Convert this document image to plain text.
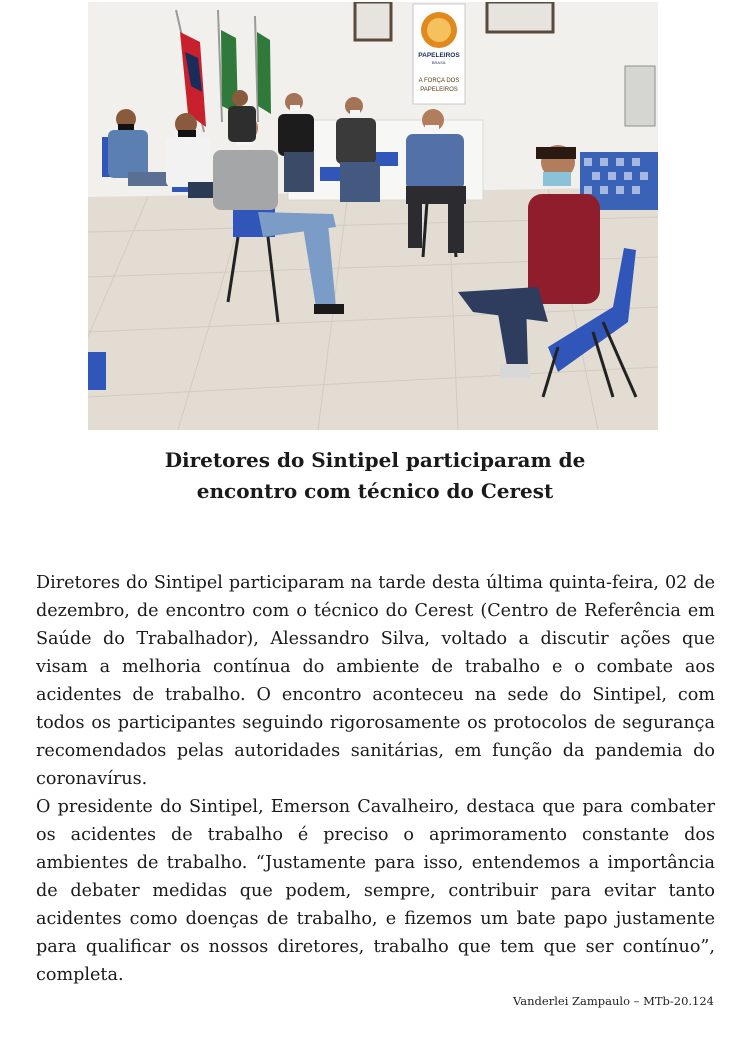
PAPELEIROS
BRASIL
A FORÇA DOS
PAPELEIROS
Diretores do Sintipel participaram de
encontro com técnico do Cerest

Diretores do Sintipel participaram na tarde desta última quinta-feira, 02 de dezembro, de encontro com o técnico do Cerest (Centro de Referência em Saúde do Trabalhador), Alessandro Silva, voltado a discutir ações que visam a melhoria contínua do ambiente de trabalho e o combate aos acidentes de trabalho. O encontro aconteceu na sede do Sintipel, com todos os participantes seguindo rigorosamente os protocolos de segurança recomendados pelas autoridades sanitárias, em função da pandemia do coronavírus.

O presidente do Sintipel, Emerson Cavalheiro, destaca que para combater os acidentes de trabalho é preciso o aprimoramento constante dos ambientes de trabalho. “Justamente para isso, entendemos a importância de debater medidas que podem, sempre, contribuir para evitar tanto acidentes como doenças de trabalho, e fizemos um bate papo justamente para qualificar os nossos diretores, trabalho que tem que ser contínuo”, completa.

Vanderlei Zampaulo – MTb-20.124
